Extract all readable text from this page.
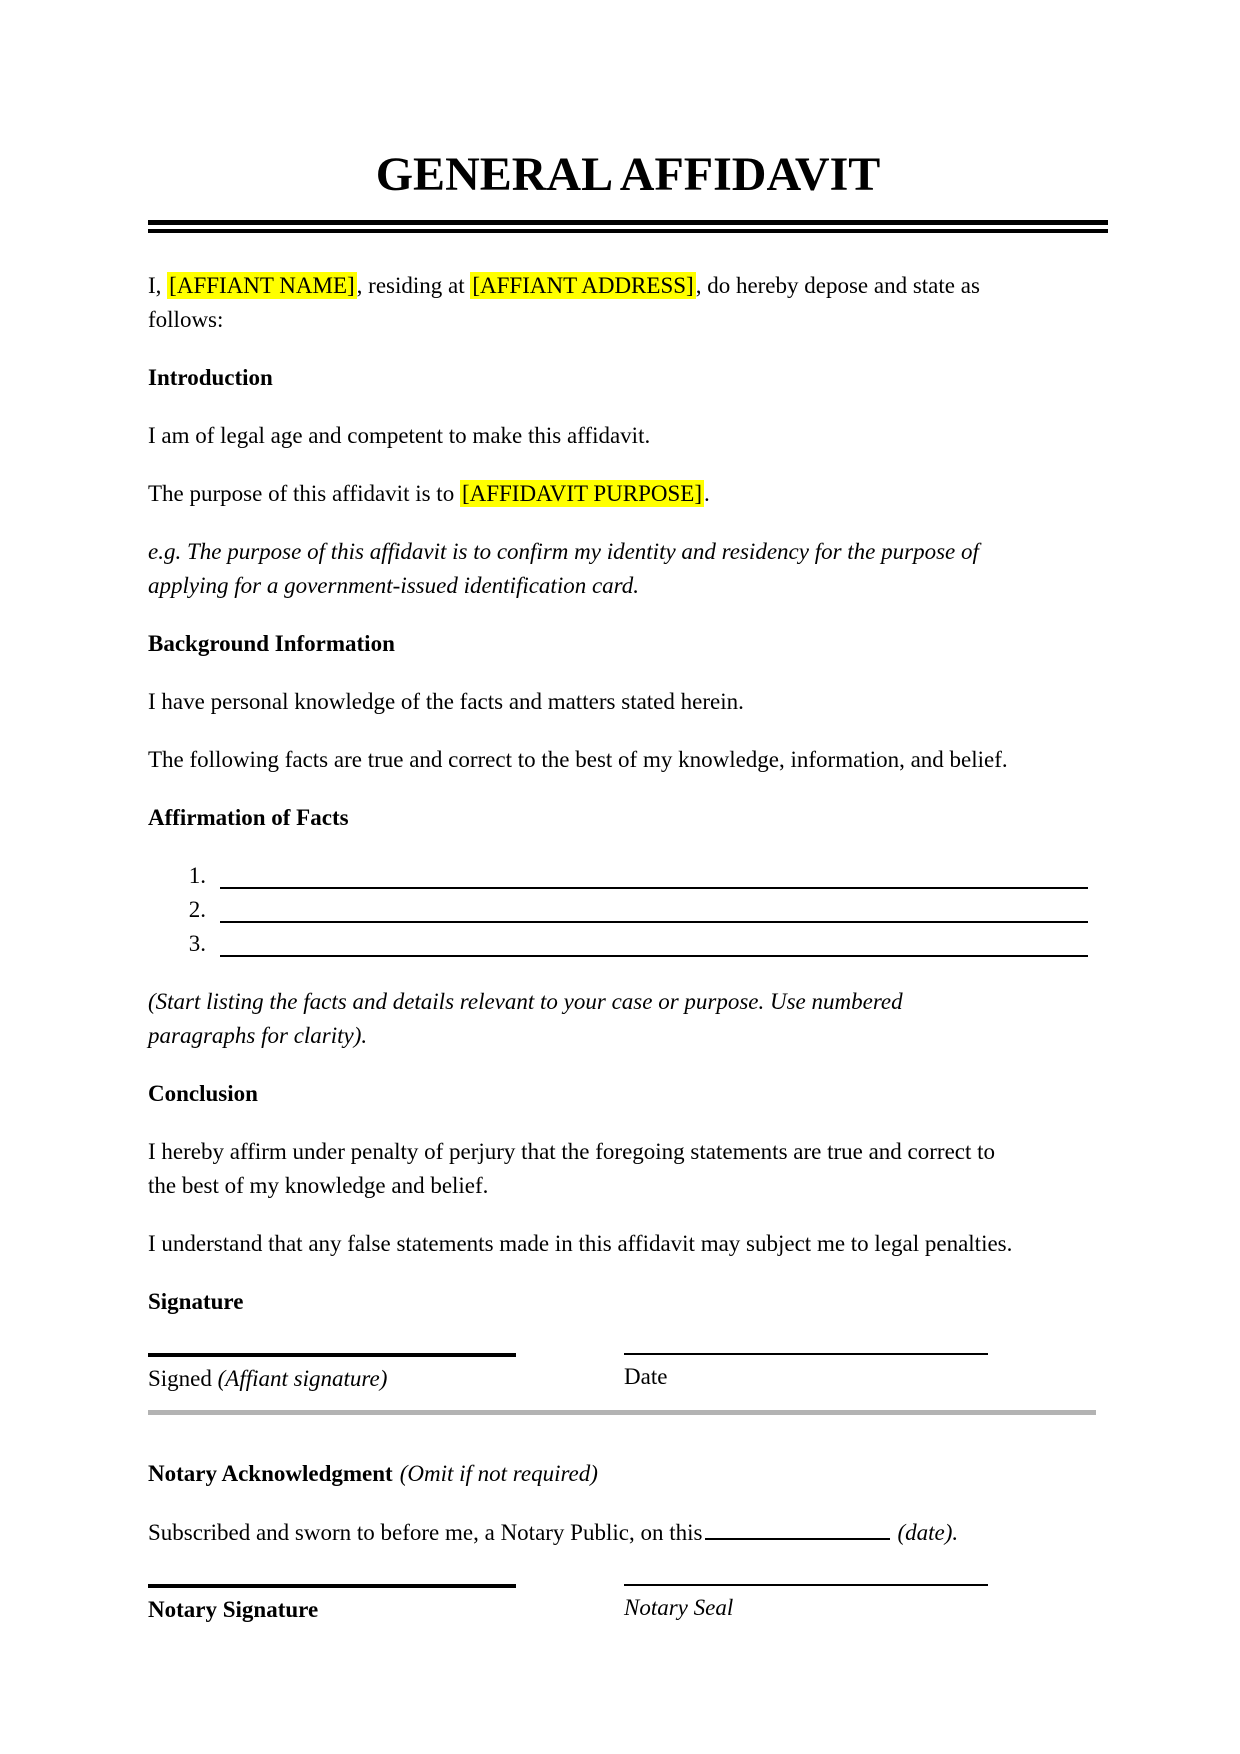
GENERAL AFFIDAVIT

I, [AFFIANT NAME], residing at [AFFIANT ADDRESS], do hereby depose and state as
follows:

Introduction

I am of legal age and competent to make this affidavit.

The purpose of this affidavit is to [AFFIDAVIT PURPOSE].

e.g. The purpose of this affidavit is to confirm my identity and residency for the purpose of
applying for a government-issued identification card.

Background Information

I have personal knowledge of the facts and matters stated herein.

The following facts are true and correct to the best of my knowledge, information, and belief.

Affirmation of Facts
1.
2.
3.

(Start listing the facts and details relevant to your case or purpose. Use numbered
paragraphs for clarity).

Conclusion

I hereby affirm under penalty of perjury that the foregoing statements are true and correct to
the best of my knowledge and belief.

I understand that any false statements made in this affidavit may subject me to legal penalties.

Signature
Signed (Affiant signature)	Date
Notary Acknowledgment (Omit if not required)

Subscribed and sworn to before me, a Notary Public, on this	(date).

Notary Signature	Notary Seal
